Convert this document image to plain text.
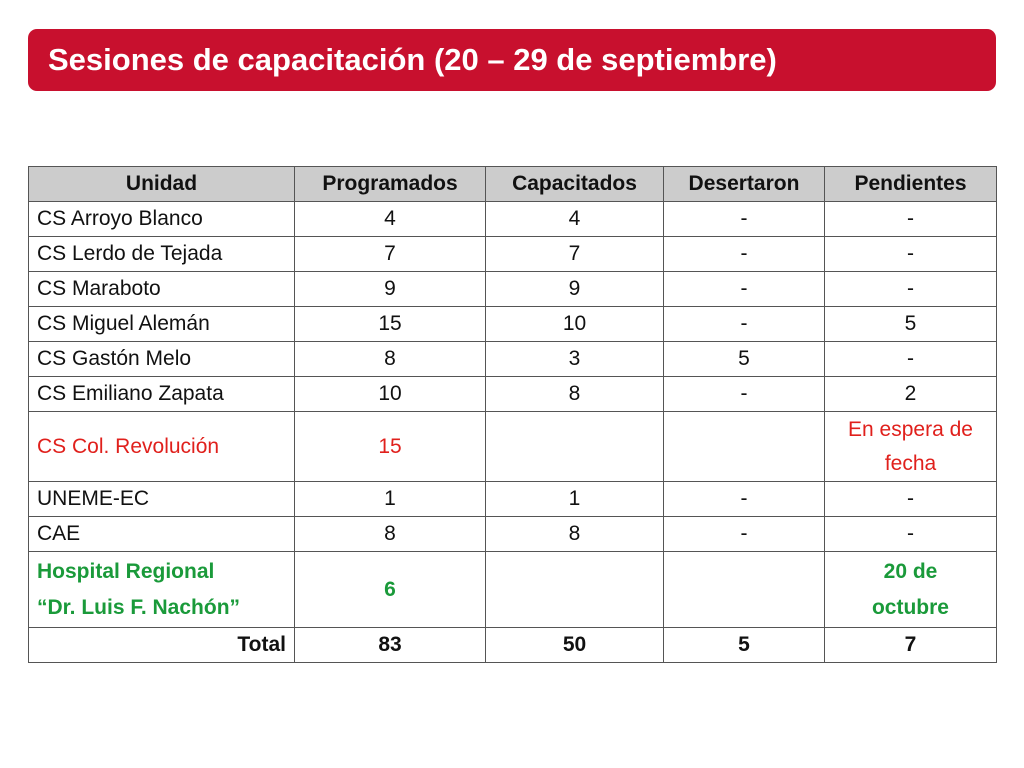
Sesiones de capacitación (20 – 29 de septiembre)
Unidad	Programados	Capacitados	Desertaron	Pendientes
CS Arroyo Blanco	4	4	-	-
CS Lerdo de Tejada	7	7	-	-
CS Maraboto	9	9	-	-
CS Miguel Alemán	15	10	-	5
CS Gastón Melo	8	3	5	-
CS Emiliano Zapata	10	8	-	2
CS Col. Revolución	15			En espera de
fecha

UNEME-EC	1	1	-	-
CAE	8	8	-	-

Hospital Regional
“Dr. Luis F. Nachón”	6			20 de
octubre

Total	83	50	5	7
